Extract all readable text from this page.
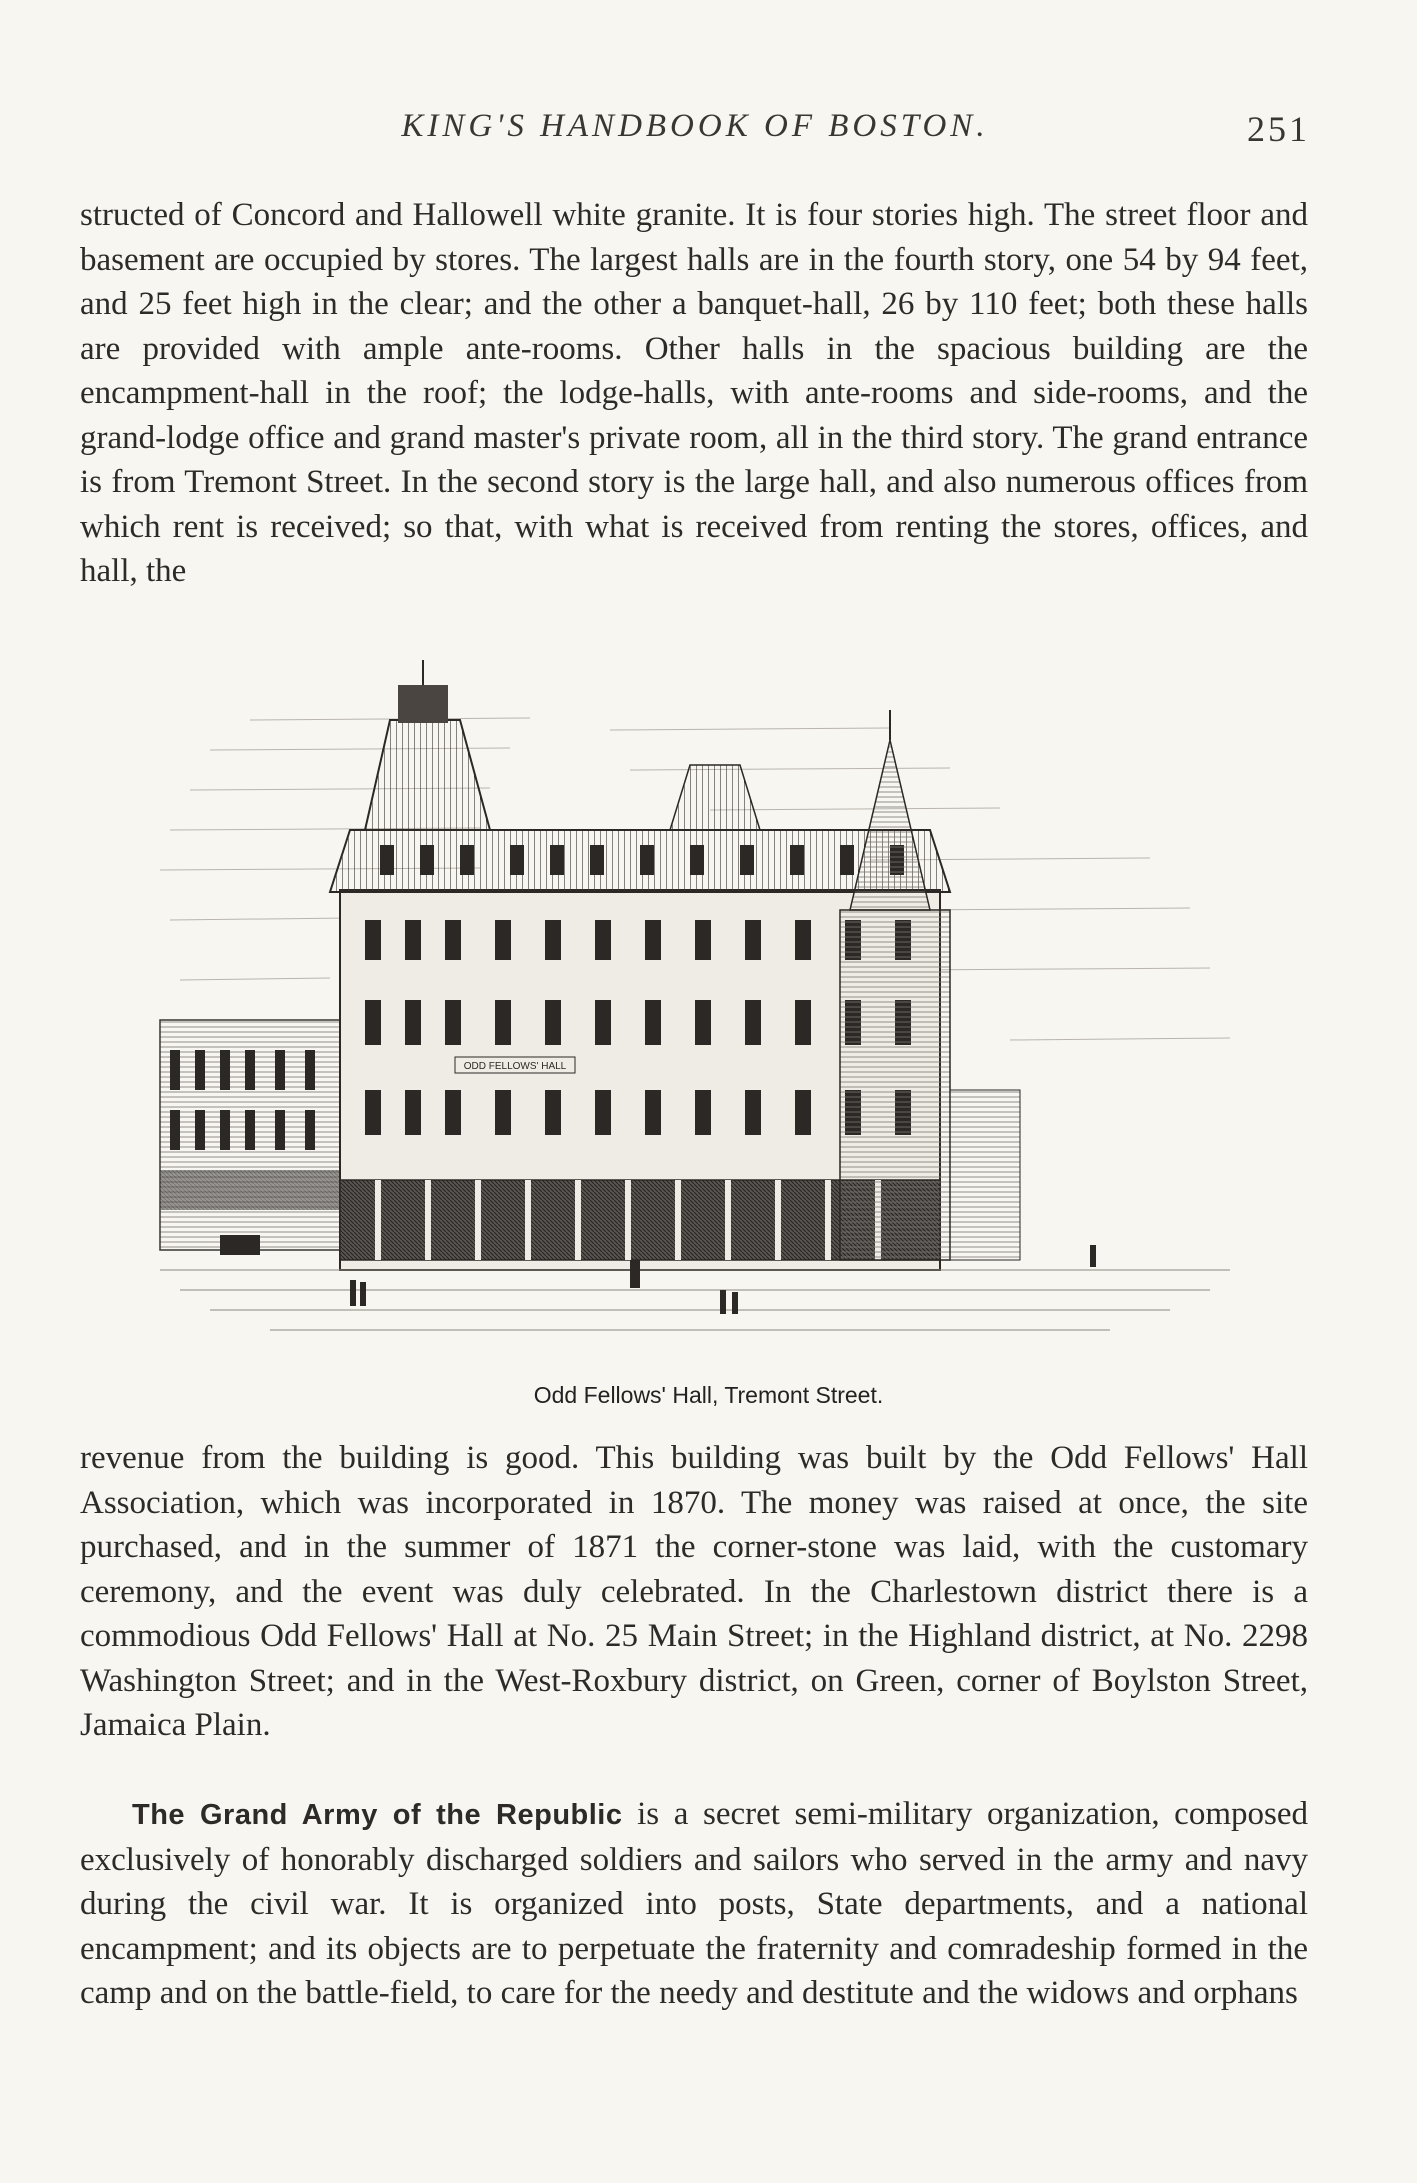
KING'S HANDBOOK OF BOSTON.	251

structed of Concord and Hallowell white granite. It is four stories high. The street floor and basement are occupied by stores. The largest halls are in the fourth story, one 54 by 94 feet, and 25 feet high in the clear; and the other a banquet-hall, 26 by 110 feet; both these halls are provided with ample ante-rooms. Other halls in the spacious building are the encampment-hall in the roof; the lodge-halls, with ante-rooms and side-rooms, and the grand-lodge office and grand master's private room, all in the third story. The grand entrance is from Tremont Street. In the second story is the large hall, and also numerous offices from which rent is received; so that, with what is received from renting the stores, offices, and hall, the

ODD FELLOWS' HALL
Odd Fellows' Hall, Tremont Street.

revenue from the building is good. This building was built by the Odd Fellows' Hall Association, which was incorporated in 1870. The money was raised at once, the site purchased, and in the summer of 1871 the corner-stone was laid, with the customary ceremony, and the event was duly celebrated. In the Charlestown district there is a commodious Odd Fellows' Hall at No. 25 Main Street; in the Highland district, at No. 2298 Washington Street; and in the West-Roxbury district, on Green, corner of Boylston Street, Jamaica Plain.

The Grand Army of the Republic is a secret semi-military organization, composed exclusively of honorably discharged soldiers and sailors who served in the army and navy during the civil war. It is organized into posts, State departments, and a national encampment; and its objects are to perpetuate the fraternity and comradeship formed in the camp and on the battle-field, to care for the needy and destitute and the widows and orphans
